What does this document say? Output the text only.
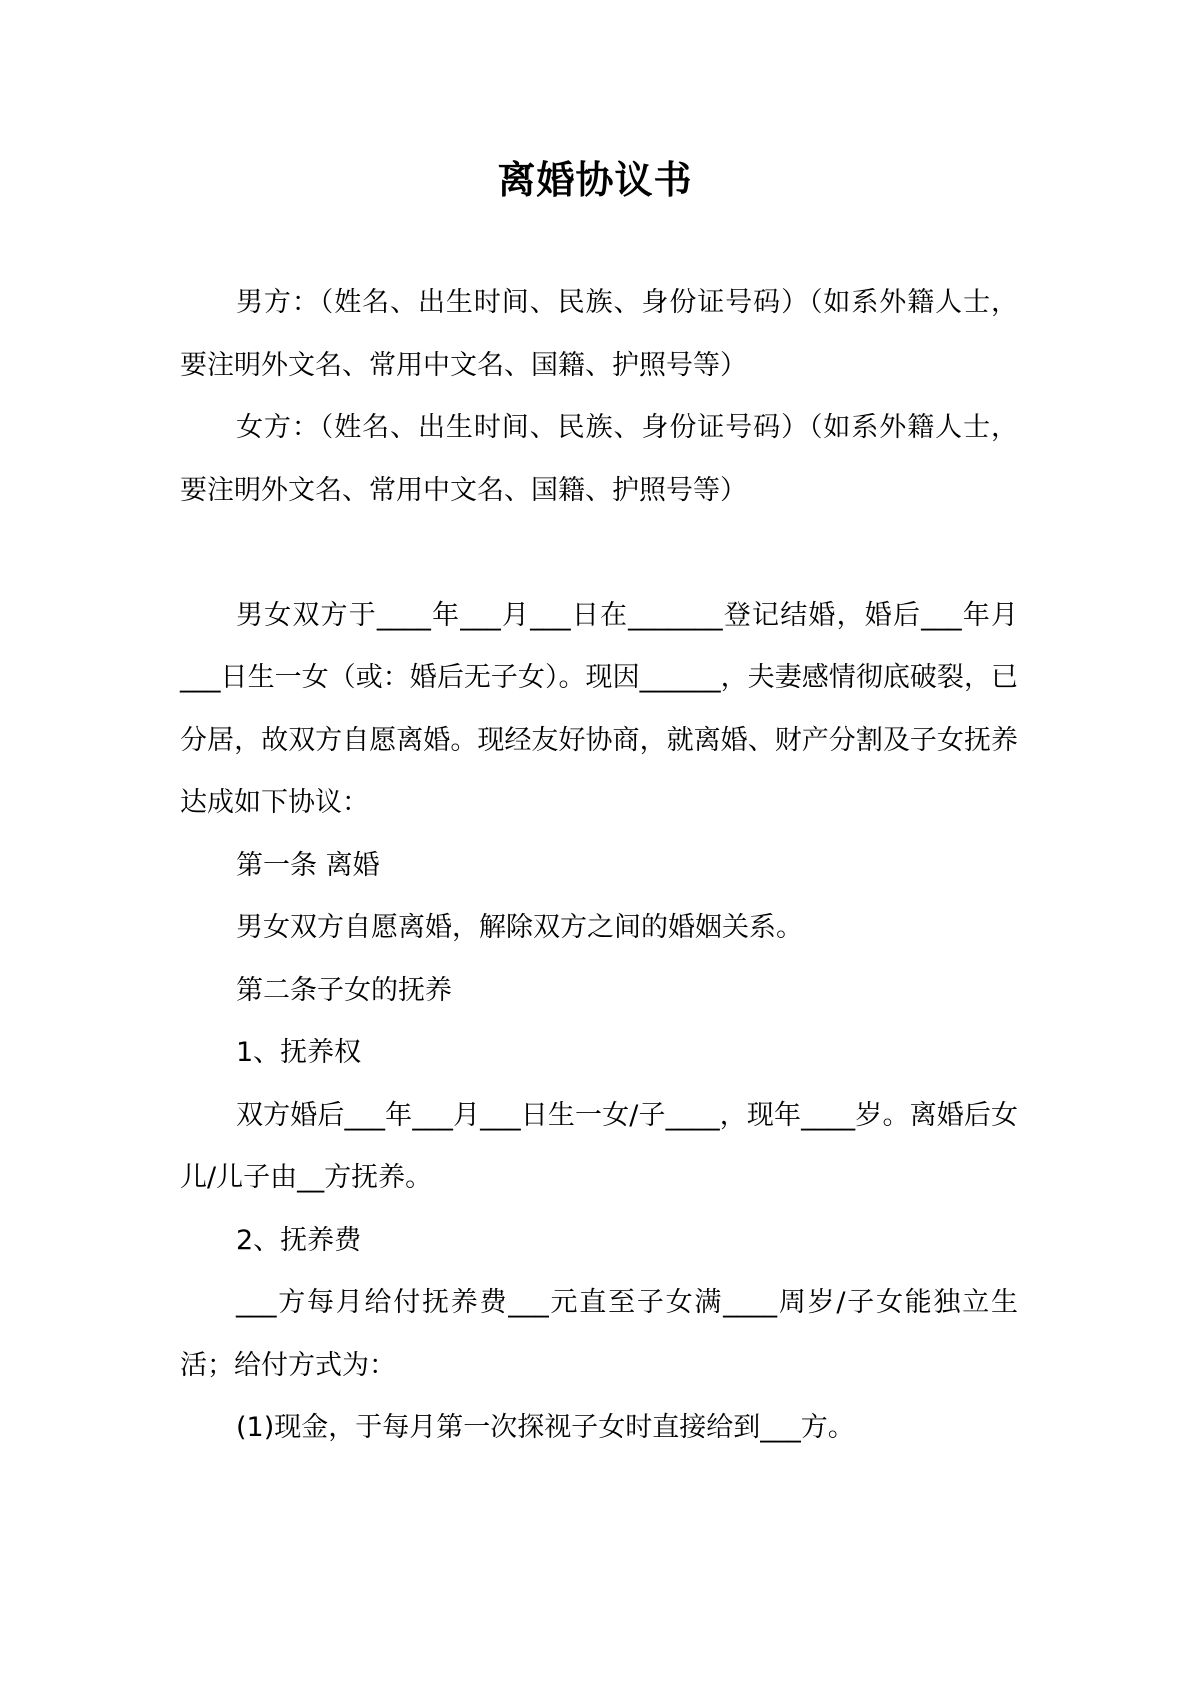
离婚协议书

男方：（姓名、出生时间、民族、身份证号码）（如系外籍人士，要注明外文名、常用中文名、国籍、护照号等）

女方：（姓名、出生时间、民族、身份证号码）（如系外籍人士，要注明外文名、常用中文名、国籍、护照号等）

男女双方于____年___月___日在_______登记结婚，婚后___年月___日生一女（或：婚后无子女）。现因______，夫妻感情彻底破裂，已分居，故双方自愿离婚。现经友好协商，就离婚、财产分割及子女抚养达成如下协议：

第一条 离婚

男女双方自愿离婚，解除双方之间的婚姻关系。

第二条子女的抚养

1、抚养权

双方婚后___年___月___日生一女/子____，现年____岁。离婚后女儿/儿子由__方抚养。

2、抚养费

___方每月给付抚养费___元直至子女满____周岁/子女能独立生活；给付方式为：

(1)现金，于每月第一次探视子女时直接给到___方。
